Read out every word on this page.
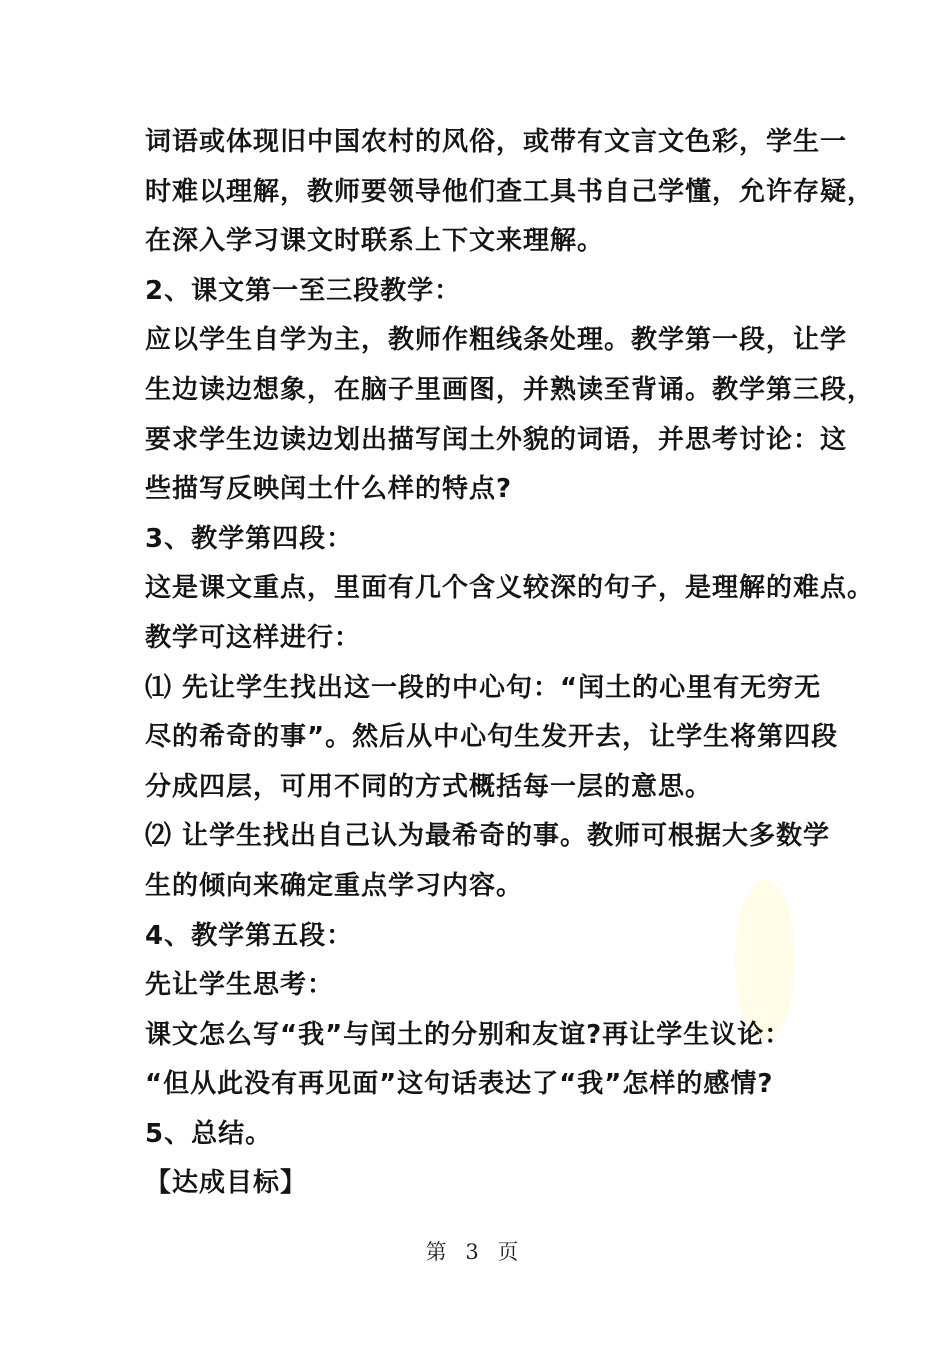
词语或体现旧中国农村的风俗，或带有文言文色彩，学生一
时难以理解，教师要领导他们查工具书自己学懂，允许存疑，
在深入学习课文时联系上下文来理解。
2、课文第一至三段教学：
应以学生自学为主，教师作粗线条处理。教学第一段，让学
生边读边想象，在脑子里画图，并熟读至背诵。教学第三段，
要求学生边读边划出描写闰土外貌的词语，并思考讨论：这
些描写反映闰土什么样的特点?
3、教学第四段：
这是课文重点，里面有几个含义较深的句子，是理解的难点。
教学可这样进行：
⑴ 先让学生找出这一段的中心句：“闰土的心里有无穷无
尽的希奇的事”。然后从中心句生发开去，让学生将第四段
分成四层，可用不同的方式概括每一层的意思。
⑵ 让学生找出自己认为最希奇的事。教师可根据大多数学
生的倾向来确定重点学习内容。
4、教学第五段：
先让学生思考：
课文怎么写“我”与闰土的分别和友谊?再让学生议论：
“但从此没有再见面”这句话表达了“我”怎样的感情?
5、总结。
【达成目标】
第 3 页
